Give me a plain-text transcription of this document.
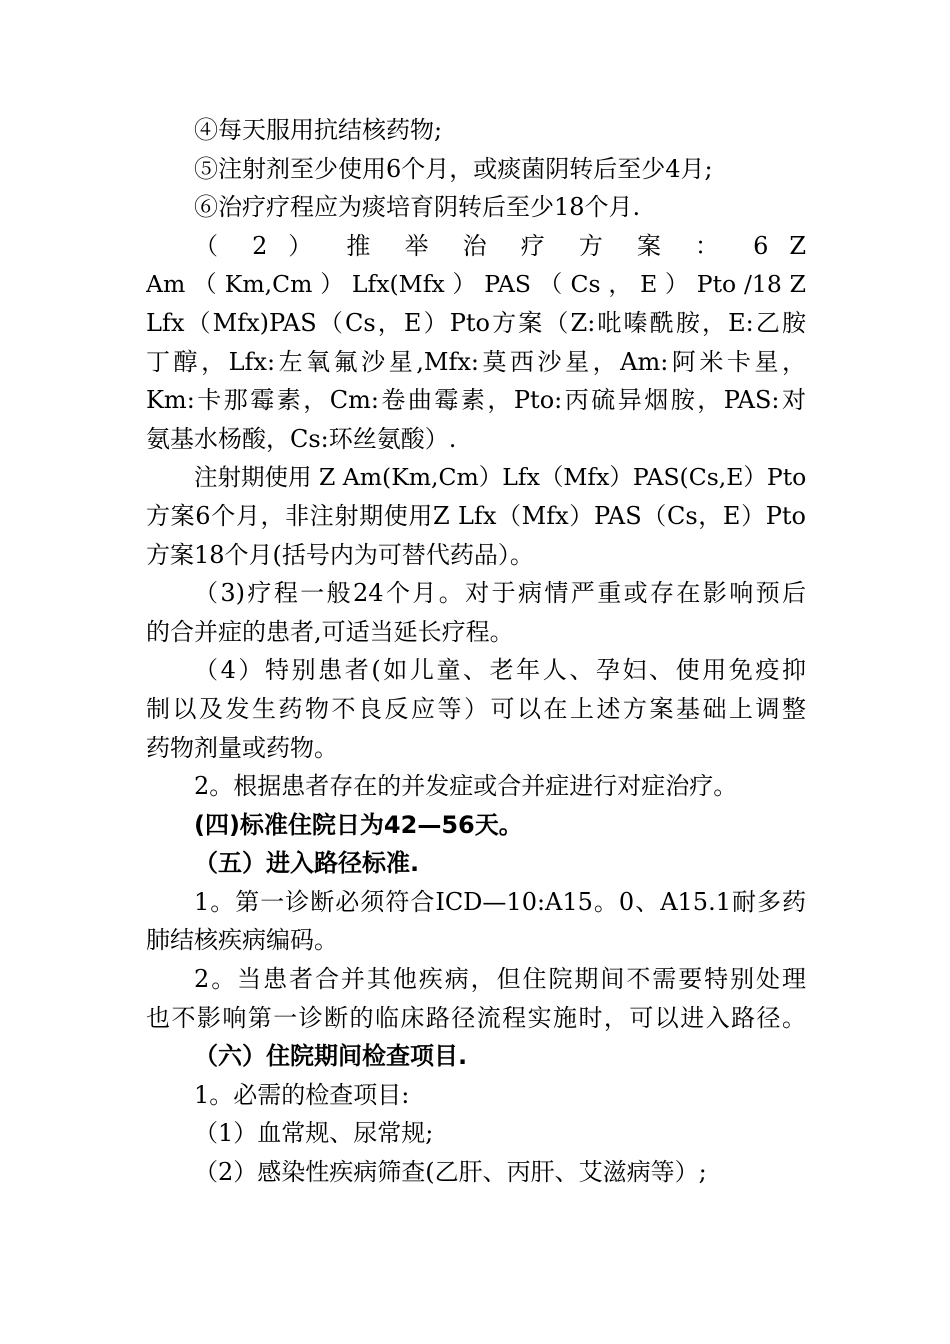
④每天服用抗结核药物;
⑤注射剂至少使用6个月，或痰菌阴转后至少4月;
⑥治疗疗程应为痰培育阴转后至少18个月.
（ 2 ） 推 举 治 疗 方 案 ： 6 Z
Am （ Km,Cm ） Lfx(Mfx ） PAS （ Cs ， E ） Pto /18 Z
Lfx（Mfx)PAS（Cs，E）Pto方案（Z:吡嗪酰胺，E:乙胺
丁醇，Lfx:左氧氟沙星,Mfx:莫西沙星，Am:阿米卡星，
Km:卡那霉素，Cm:卷曲霉素，Pto:丙硫异烟胺，PAS:对
氨基水杨酸，Cs:环丝氨酸）.
注射期使用 Z Am(Km,Cm）Lfx（Mfx）PAS(Cs,E）Pto
方案6个月，非注射期使用Z Lfx（Mfx）PAS（Cs，E）Pto
方案18个月(括号内为可替代药品）。
（3)疗程一般24个月。对于病情严重或存在影响预后
的合并症的患者,可适当延长疗程。
（4）特别患者(如儿童、老年人、孕妇、使用免疫抑
制以及发生药物不良反应等）可以在上述方案基础上调整
药物剂量或药物。
2。根据患者存在的并发症或合并症进行对症治疗。
(四)标准住院日为42—56天。
（五）进入路径标准.
1。第一诊断必须符合ICD—10:A15。0、A15.1耐多药
肺结核疾病编码。
2。当患者合并其他疾病，但住院期间不需要特别处理
也不影响第一诊断的临床路径流程实施时，可以进入路径。
（六）住院期间检查项目.
1。必需的检查项目:
（1）血常规、尿常规;
（2）感染性疾病筛查(乙肝、丙肝、艾滋病等）;
